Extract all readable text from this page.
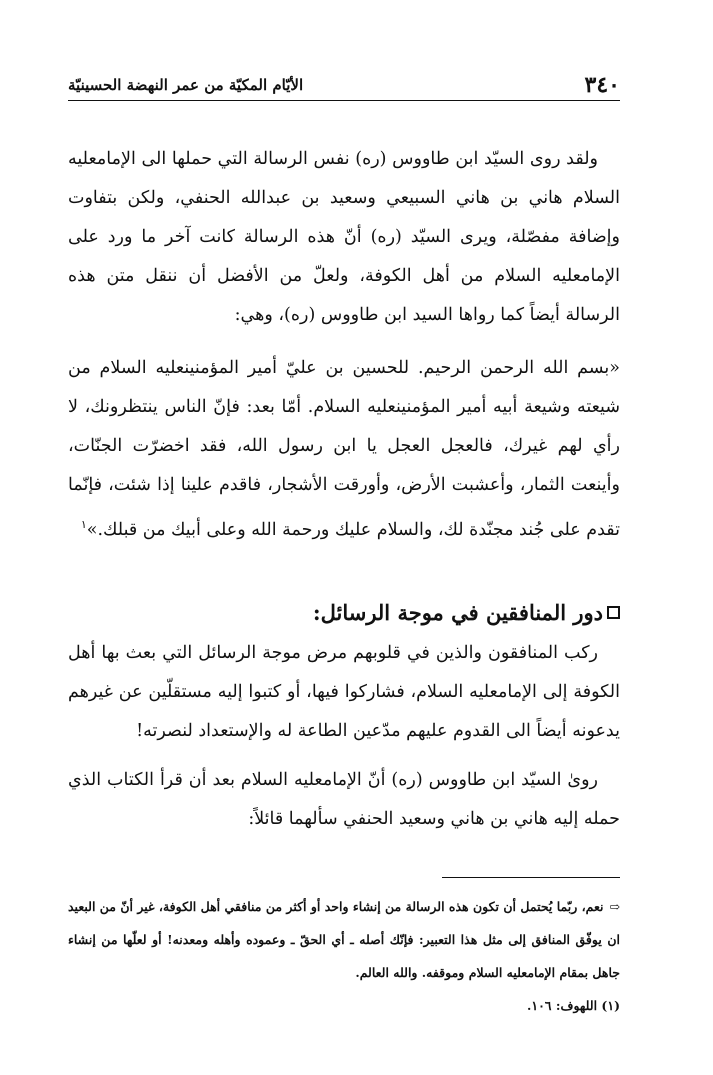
٣٤٠
الأيّام المكيّة من عمر النهضة الحسينيّة

ولقد روى السيّد ابن طاووس (ره) نفس الرسالة التي حملها الى الإمامعليه السلام هاني بن هاني السبيعي وسعيد بن عبدالله الحنفي، ولكن بتفاوت وإضافة مفصّلة، ويرى السيّد (ره) أنّ هذه الرسالة كانت آخر ما ورد على الإمامعليه السلام من أهل الكوفة، ولعلّ من الأفضل أن ننقل متن هذه الرسالة أيضاً كما رواها السيد ابن طاووس (ره)، وهي:

«بسم الله الرحمن الرحيم. للحسين بن عليّ أمير المؤمنينعليه السلام من شيعته وشيعة أبيه أمير المؤمنينعليه السلام. أمّا بعد: فإنّ الناس ينتظرونك، لا رأي لهم غيرك، فالعجل العجل يا ابن رسول الله، فقد اخضرّت الجنّات، وأينعت الثمار، وأعشبت الأرض، وأورقت الأشجار، فاقدم علينا إذا شئت، فإنّما تقدم على جُند مجنّدة لك، والسلام عليك ورحمة الله وعلى أبيك من قبلك.»$^١$

دور المنافقين في موجة الرسائل:

ركب المنافقون والذين في قلوبهم مرض موجة الرسائل التي بعث بها أهل الكوفة إلى الإمامعليه السلام، فشاركوا فيها، أو كتبوا إليه مستقلّين عن غيرهم يدعونه أيضاً الى القدوم عليهم مدّعين الطاعة له والإستعداد لنصرته!

روىٰ السيّد ابن طاووس (ره) أنّ الإمامعليه السلام بعد أن قرأ الكتاب الذي حمله إليه هاني بن هاني وسعيد الحنفي سألهما قائلاً:

⇨نعم، ربّما يُحتمل أن تكون هذه الرسالة من إنشاء واحد أو أكثر من منافقي أهل الكوفة، غير أنّ من البعيد ان يوفّق المنافق إلى مثل هذا التعبير: فإنّك أصله ـ أي الحقّ ـ وعموده وأهله ومعدنه! أو لعلّها من إنشاء جاهل بمقام الإمامعليه السلام وموقفه. والله العالم.

(١) اللهوف: ١٠٦.
